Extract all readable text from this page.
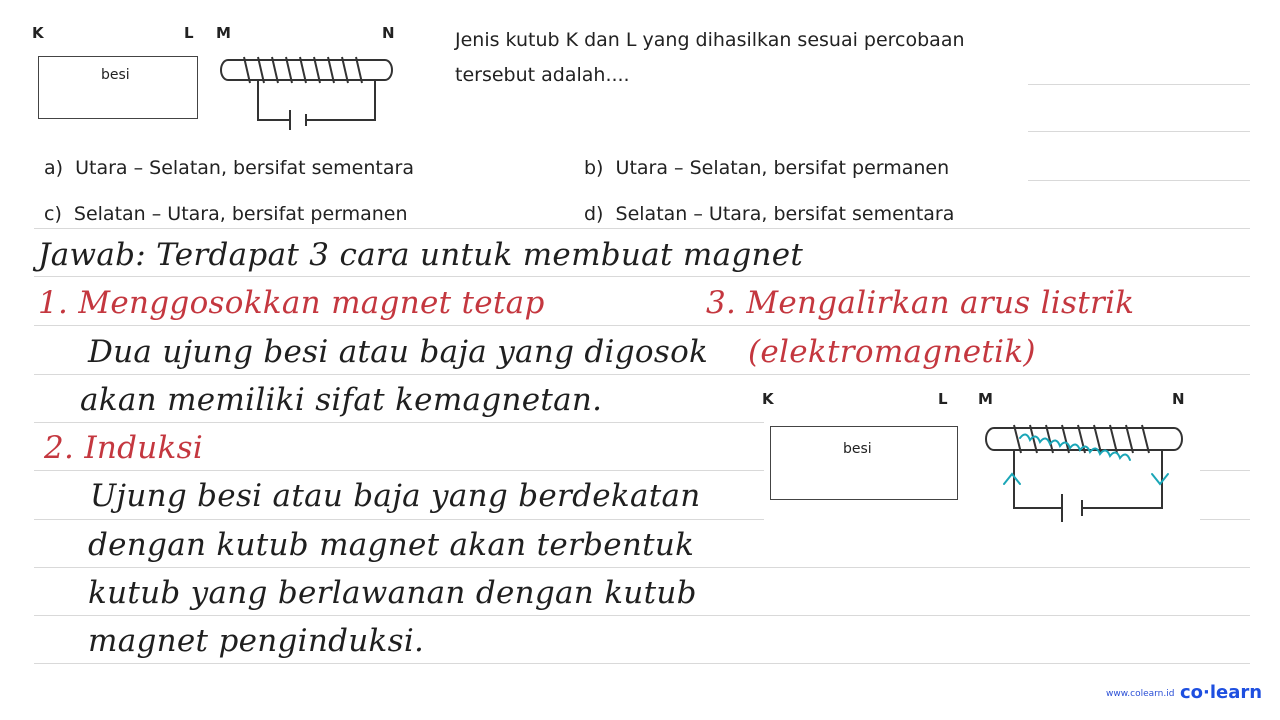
K	L M	N
besi
Jenis kutub K dan L yang dihasilkan sesuai percobaan
tersebut adalah....
a) Utara – Selatan, bersifat sementara	b) Utara – Selatan, bersifat permanen
c) Selatan – Utara, bersifat permanen	d) Selatan – Utara, bersifat sementara
Jawab: Terdapat 3 cara untuk membuat magnet
1. Menggosokkan magnet tetap
Dua ujung besi atau baja yang digosok
akan memiliki sifat kemagnetan.
2. Induksi
Ujung besi atau baja yang berdekatan
dengan kutub magnet akan terbentuk
kutub yang berlawanan dengan kutub
magnet penginduksi.
3. Mengalirkan arus listrik
(elektromagnetik)
K	L M	N
besi
www.colearn.id co·learn
